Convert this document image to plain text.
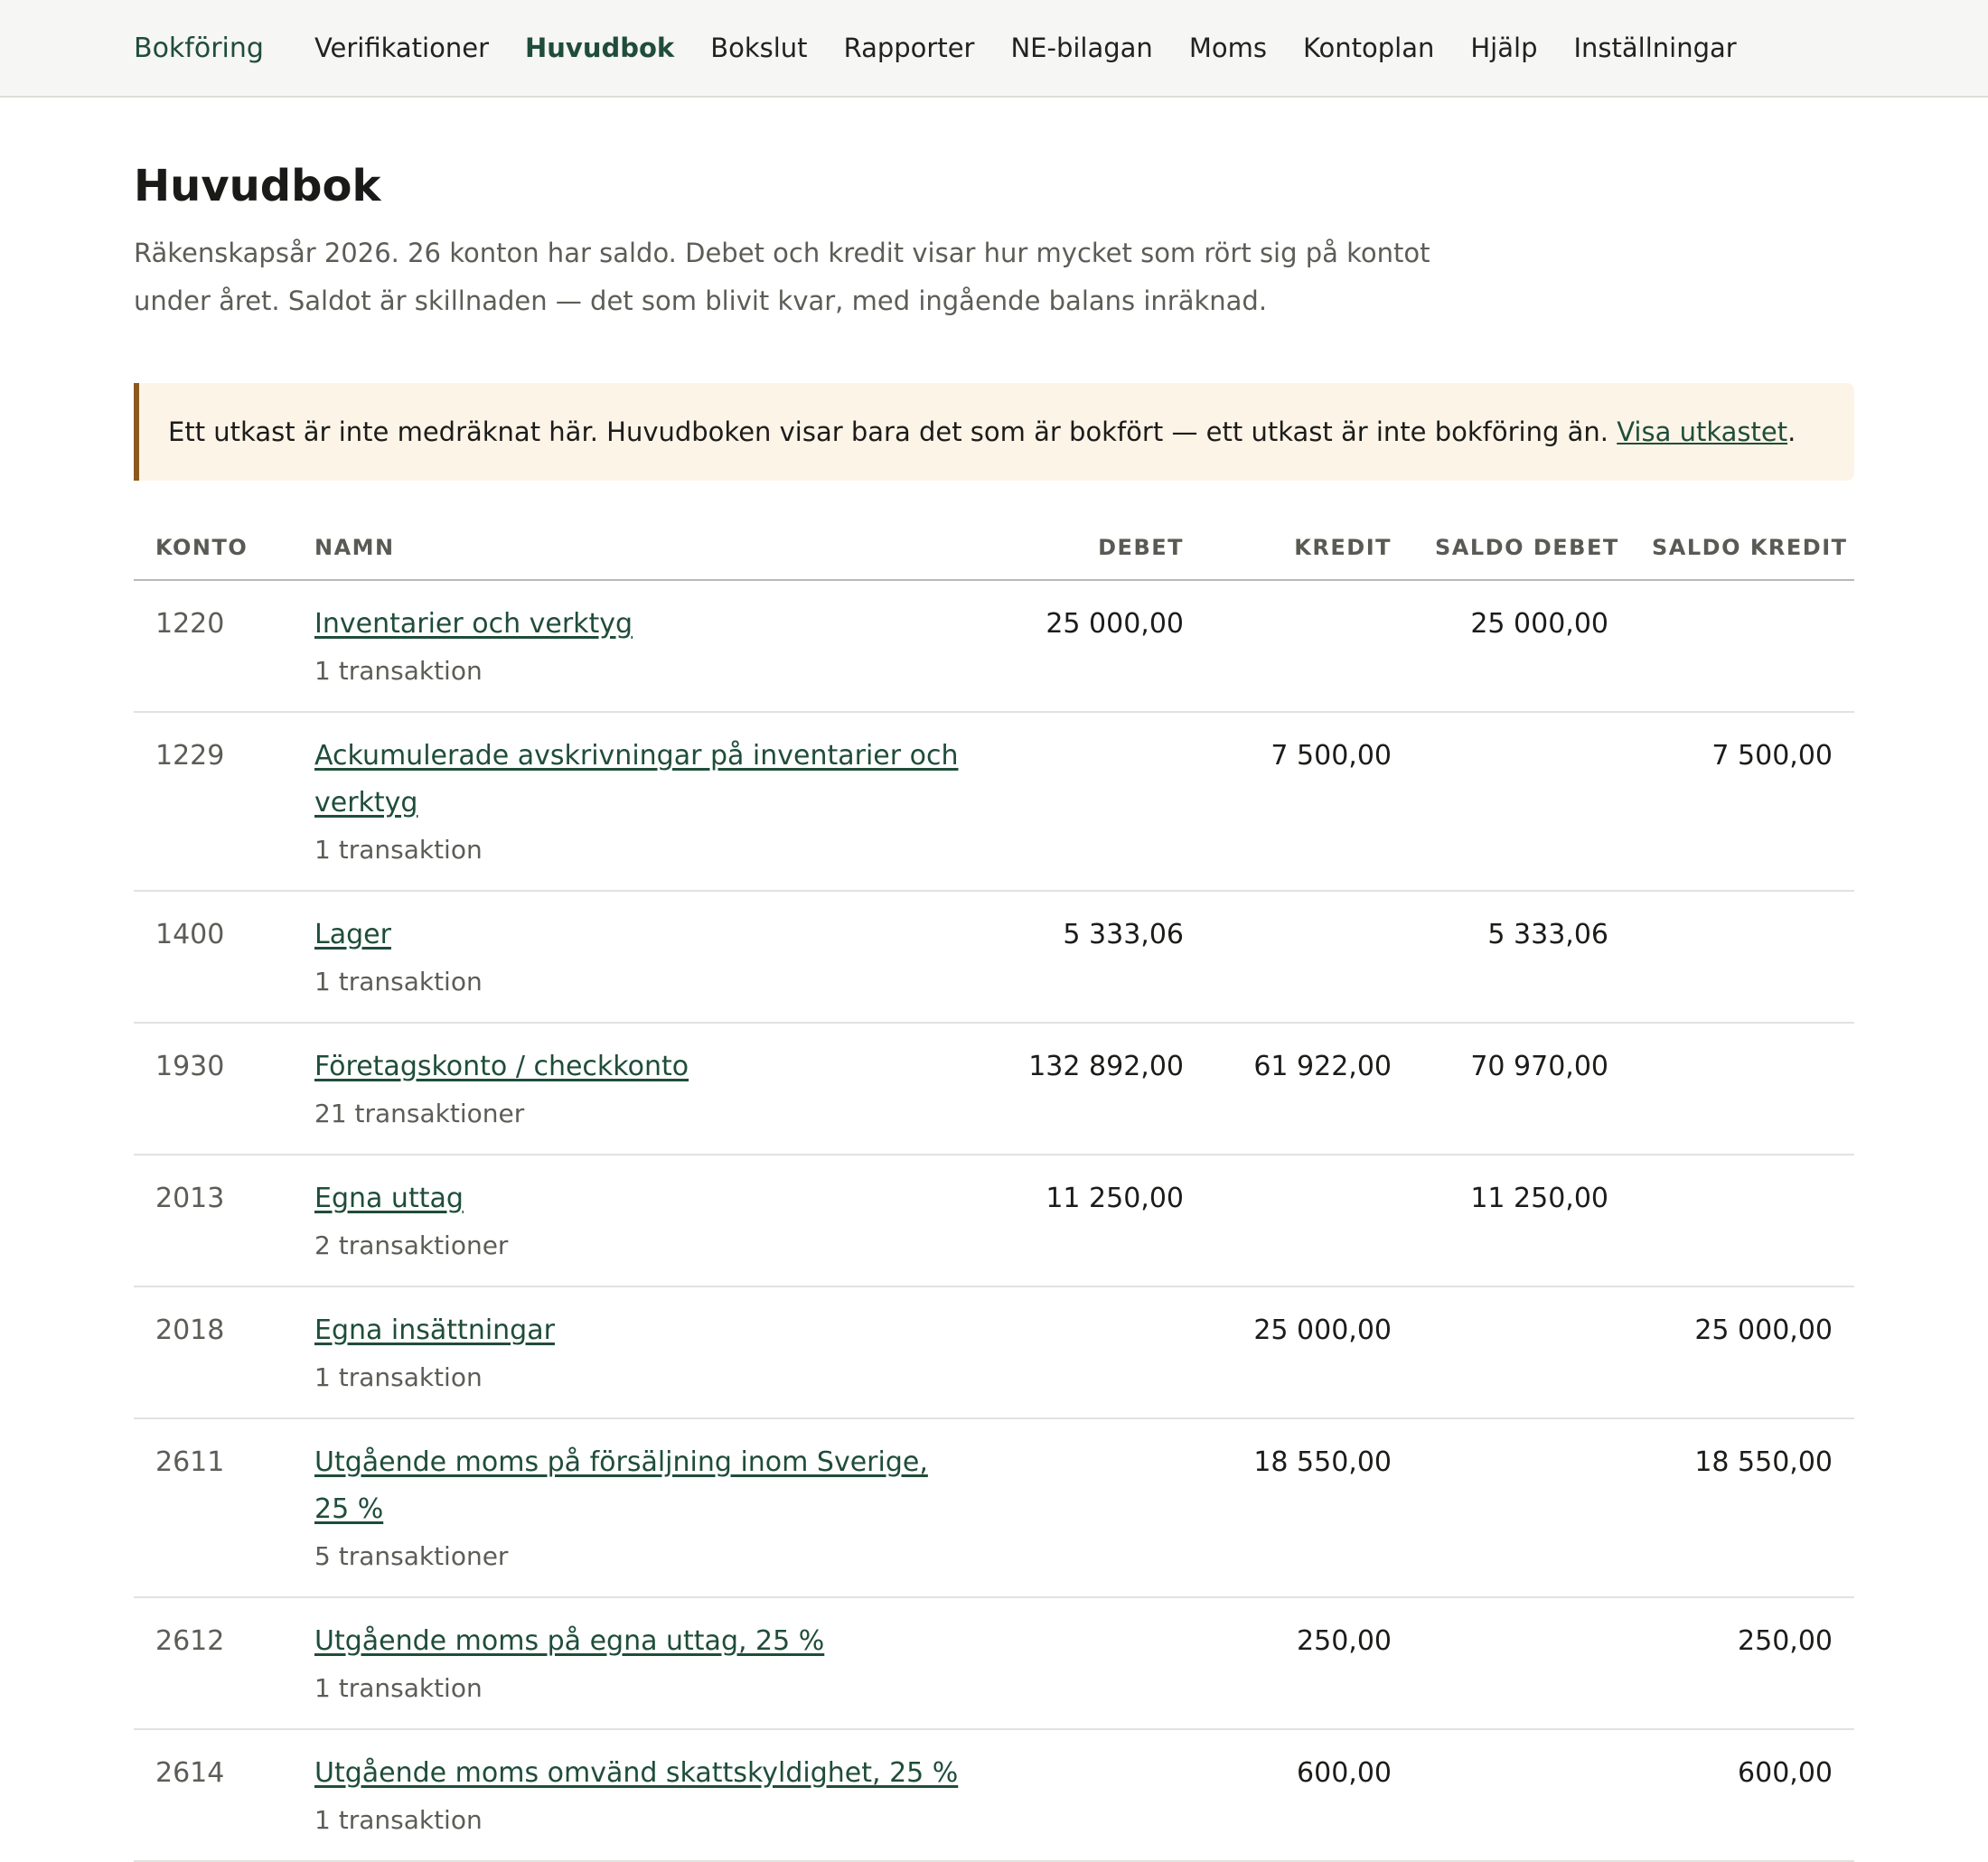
Bokföring Verifikationer Huvudbok Bokslut Rapporter NE-bilagan Moms Kontoplan Hjälp Inställningar
Huvudbok

Räkenskapsår 2026. 26 konton har saldo. Debet och kredit visar hur mycket som rört sig på kontot under året. Saldot är skillnaden — det som blivit kvar, med ingående balans inräknad.

Ett utkast är inte medräknat här. Huvudboken visar bara det som är bokfört — ett utkast är inte bokföring än. Visa utkastet.
KONTO	NAMN	DEBET	KREDIT	SALDO DEBET	SALDO KREDIT
1220	Inventarier och verktyg
1 transaktion	25 000,00		25 000,00	
1229	Ackumulerade avskrivningar på inventarier och verktyg
1 transaktion		7 500,00		7 500,00
1400	Lager
1 transaktion	5 333,06		5 333,06	
1930	Företagskonto / checkkonto
21 transaktioner	132 892,00	61 922,00	70 970,00	
2013	Egna uttag
2 transaktioner	11 250,00		11 250,00	
2018	Egna insättningar
1 transaktion		25 000,00		25 000,00
2611	Utgående moms på försäljning inom Sverige, 25 %
5 transaktioner		18 550,00		18 550,00
2612	Utgående moms på egna uttag, 25 %
1 transaktion		250,00		250,00
2614	Utgående moms omvänd skattskyldighet, 25 %
1 transaktion		600,00		600,00
